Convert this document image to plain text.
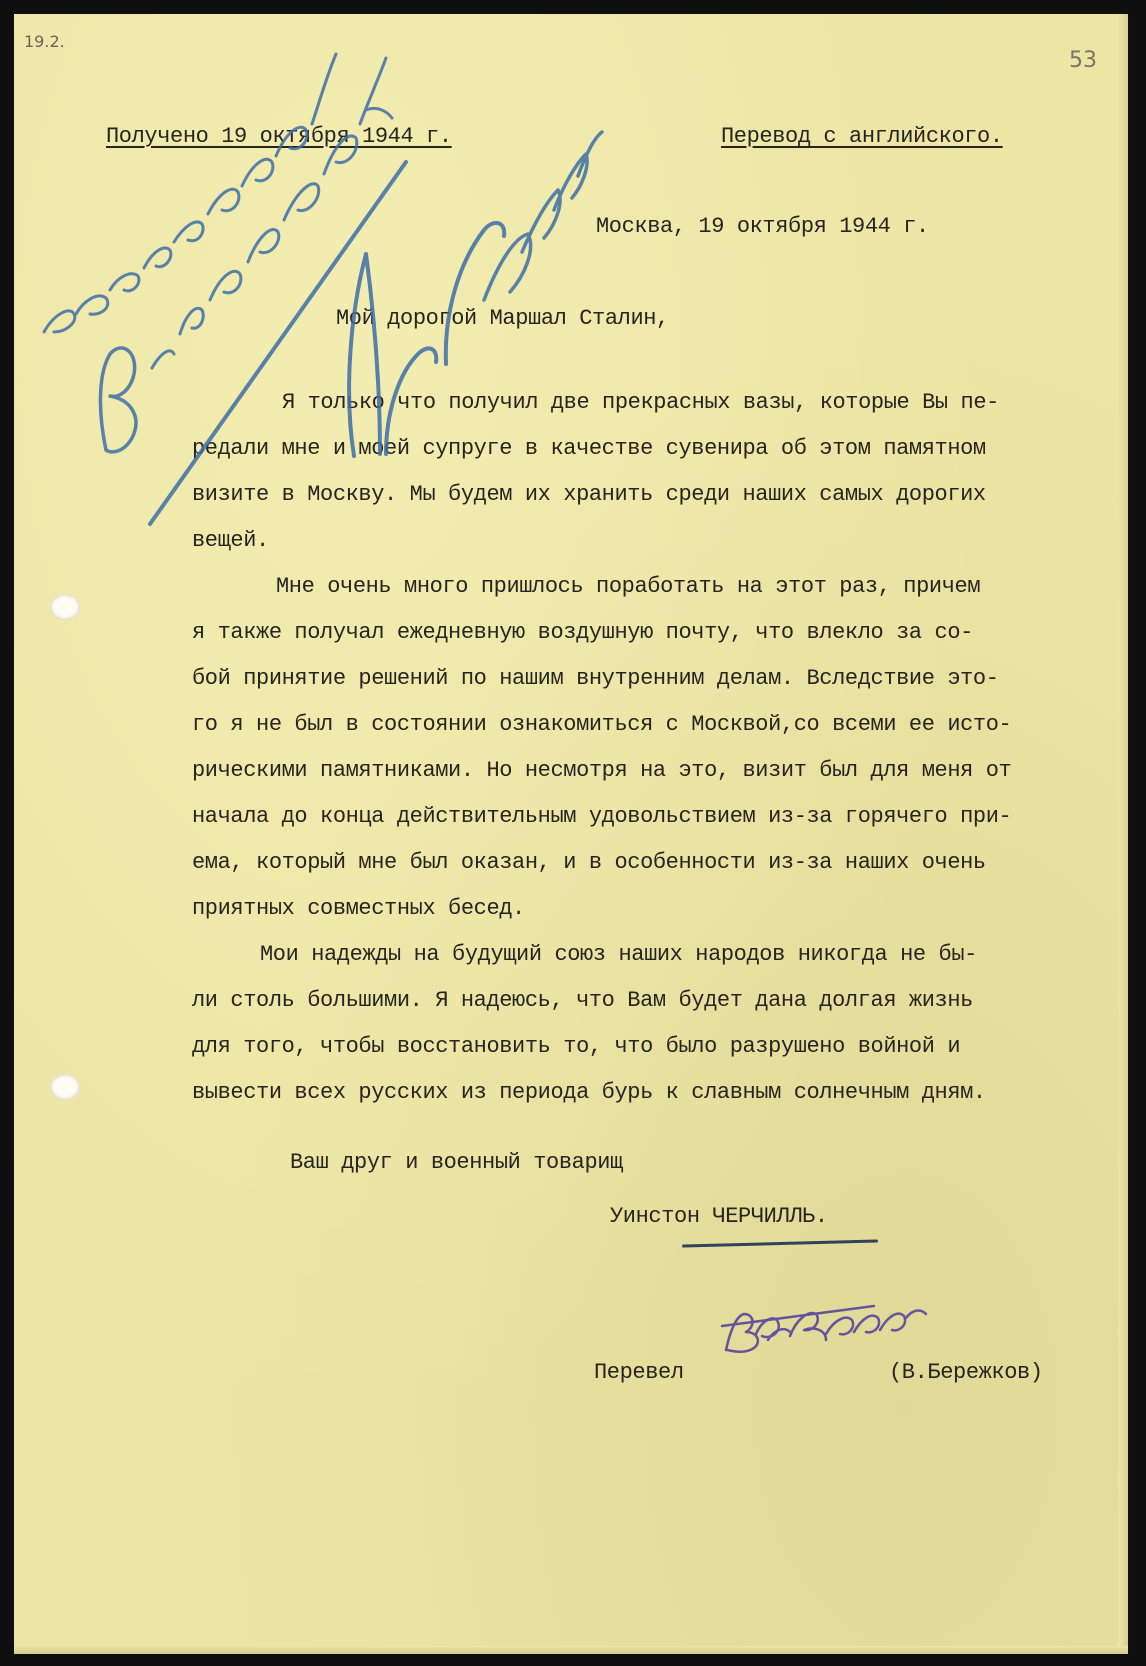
19.2.
53
Получено 19 октября 1944 г.	Перевод с английского.
Москва, 19 октября 1944 г.
Мой дорогой Маршал Сталин,
Я только что получил две прекрасных вазы, которые Вы пе-
редали мне и моей супруге в качестве сувенира об этом памятном
визите в Москву. Мы будем их хранить среди наших самых дорогих
вещей.
Мне очень много пришлось поработать на этот раз, причем
я также получал ежедневную воздушную почту, что влекло за со-
бой принятие решений по нашим внутренним делам. Вследствие это-
го я не был в состоянии ознакомиться с Москвой,со всеми ее исто-
рическими памятниками. Но несмотря на это, визит был для меня от
начала до конца действительным удовольствием из-за горячего при-
ема, который мне был оказан, и в особенности из-за наших очень
приятных совместных бесед.
Мои надежды на будущий союз наших народов никогда не бы-
ли столь большими. Я надеюсь, что Вам будет дана долгая жизнь
для того, чтобы восстановить то, что было разрушено войной и
вывести всех русских из периода бурь к славным солнечным дням.
Ваш друг и военный товарищ
Уинстон ЧЕРЧИЛЛЬ.
Перевел	(В.Бережков)
